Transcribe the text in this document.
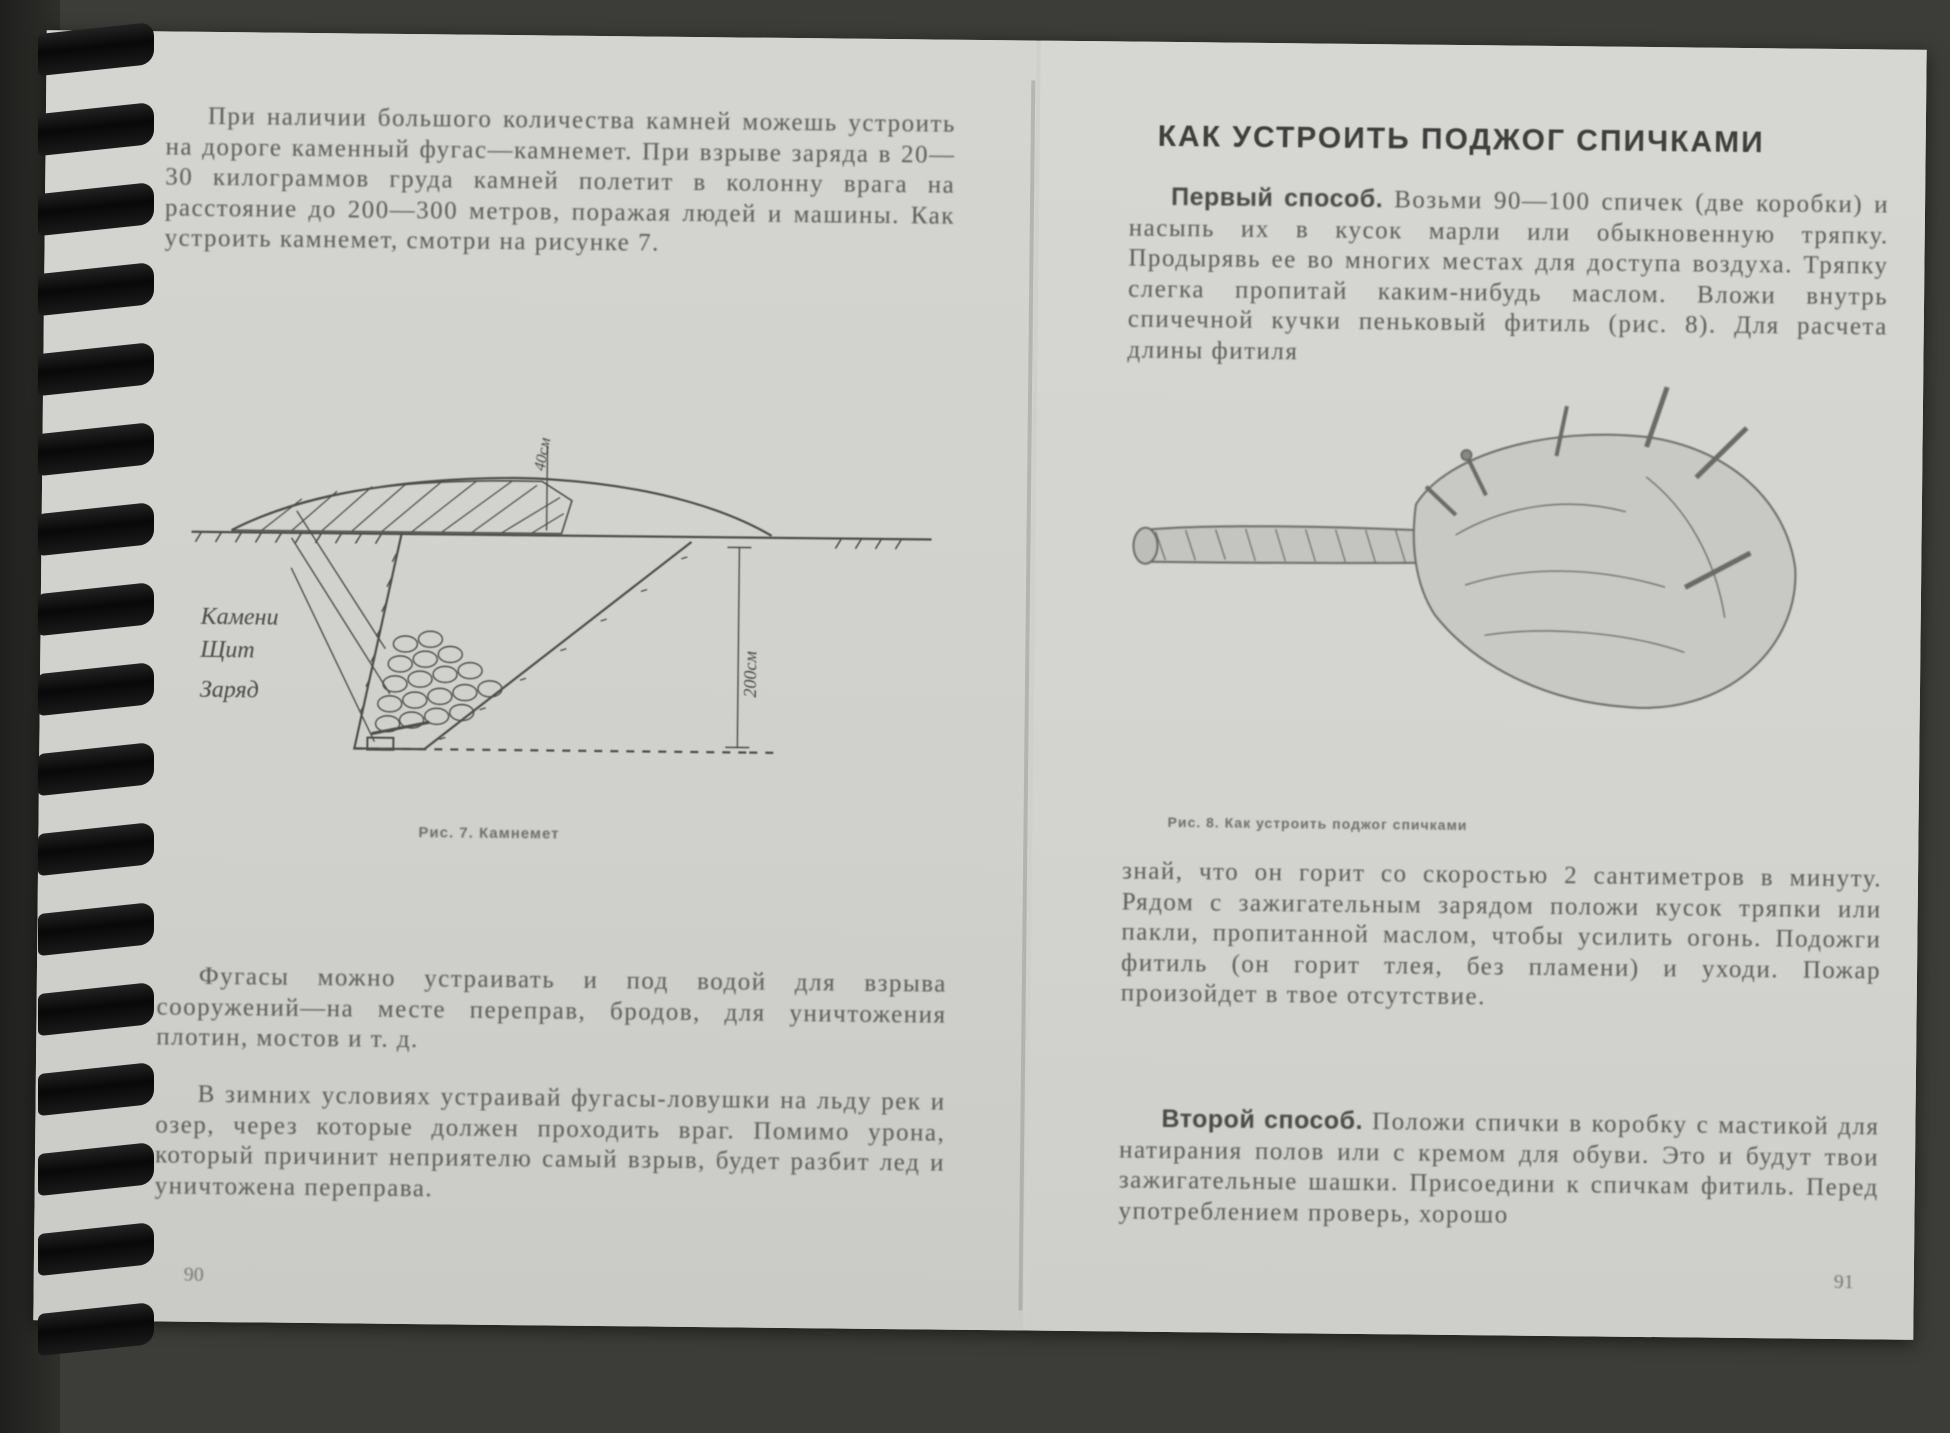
При наличии большого количества камней можешь устроить на дороге каменный фугас—камнемет. При взрыве заряда в 20—30 килограммов груда камней полетит в колонну врага на расстояние до 200—300 метров, поражая людей и машины. Как устроить камнемет, смотри на рисунке 7.

Камени
Щит
Заряд	200см
40см
Рис. 7. Камнемет

Фугасы можно устраивать и под водой для взрыва сооружений—на месте переправ, бродов, для уничтожения плотин, мостов и т. д.

В зимних условиях устраивай фугасы-ловушки на льду рек и озер, через которые должен проходить враг. Помимо урона, который причинит неприятелю самый взрыв, будет разбит лед и уничтожена переправа.

90
КАК УСТРОИТЬ ПОДЖОГ СПИЧКАМИ

Первый способ. Возьми 90—100 спичек (две коробки) и насыпь их в кусок марли или обыкновенную тряпку. Продырявь ее во многих местах для доступа воздуха. Тряпку слегка пропитай каким-нибудь маслом. Вложи внутрь спичечной кучки пеньковый фитиль (рис. 8). Для расчета длины фитиля

Рис. 8. Как устроить поджог спичками

знай, что он горит со скоростью 2 сантиметров в минуту. Рядом с зажигательным зарядом положи кусок тряпки или пакли, пропитанной маслом, чтобы усилить огонь. Подожги фитиль (он горит тлея, без пламени) и уходи. Пожар произойдет в твое отсутствие.

Второй способ. Положи спички в коробку с мастикой для натирания полов или с кремом для обуви. Это и будут твои зажигательные шашки. Присоедини к спичкам фитиль. Перед употреблением проверь, хорошо

91
